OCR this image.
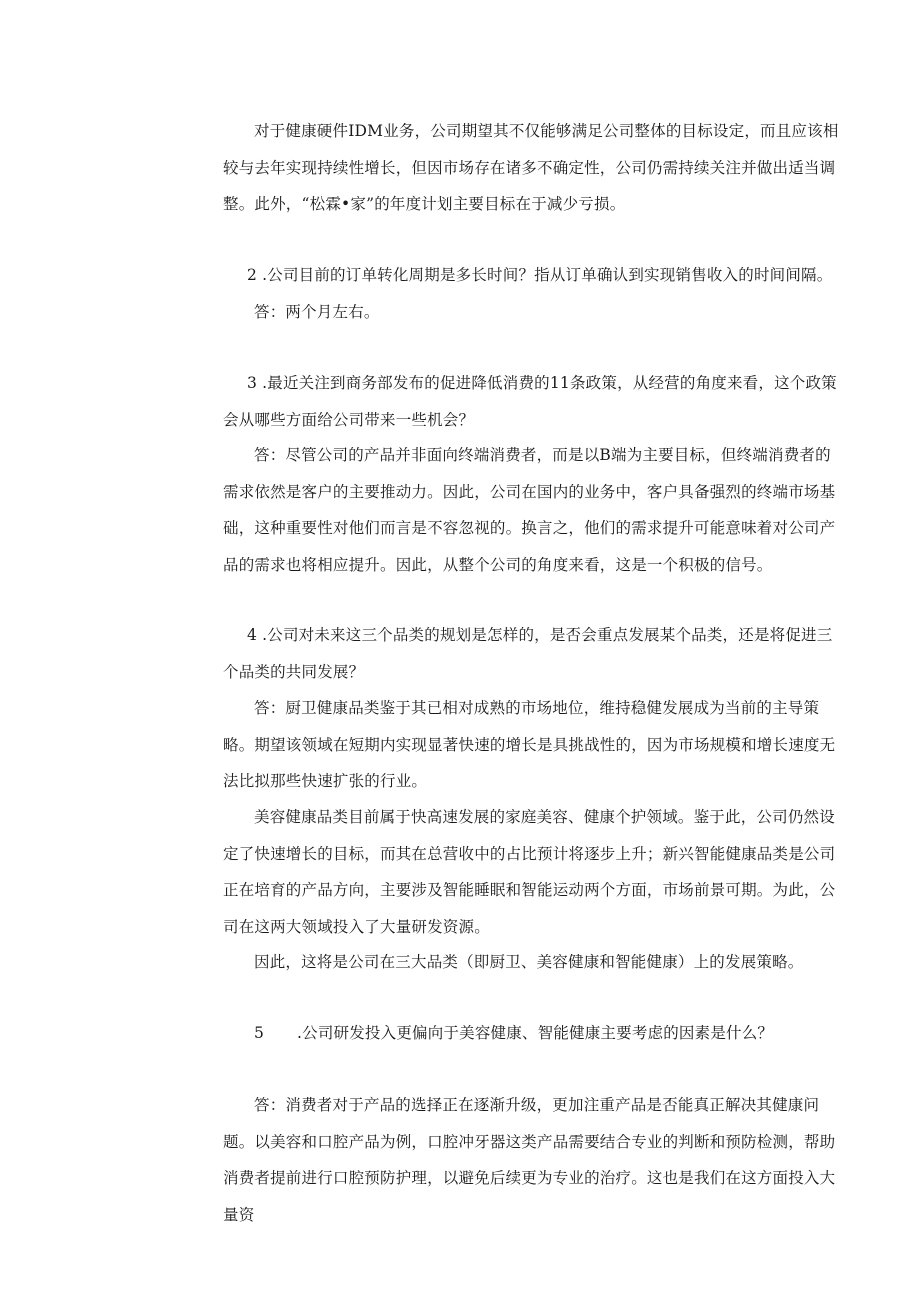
对于健康硬件IDM业务，公司期望其不仅能够满足公司整体的目标设定，而且应该相较与去年实现持续性增长，但因市场存在诸多不确定性，公司仍需持续关注并做出适当调整。此外，“松霖•家”的年度计划主要目标在于减少亏损。

2 .公司目前的订单转化周期是多长时间？指从订单确认到实现销售收入的时间间隔。

答：两个月左右。

3 .最近关注到商务部发布的促进降低消费的11条政策，从经营的角度来看，这个政策会从哪些方面给公司带来一些机会？

答：尽管公司的产品并非面向终端消费者，而是以B端为主要目标，但终端消费者的需求依然是客户的主要推动力。因此，公司在国内的业务中，客户具备强烈的终端市场基础，这种重要性对他们而言是不容忽视的。换言之，他们的需求提升可能意味着对公司产品的需求也将相应提升。因此，从整个公司的角度来看，这是一个积极的信号。

4 .公司对未来这三个品类的规划是怎样的，是否会重点发展某个品类，还是将促进三个品类的共同发展？

答：厨卫健康品类鉴于其已相对成熟的市场地位，维持稳健发展成为当前的主导策略。期望该领域在短期内实现显著快速的增长是具挑战性的，因为市场规模和增长速度无法比拟那些快速扩张的行业。

美容健康品类目前属于快高速发展的家庭美容、健康个护领域。鉴于此，公司仍然设定了快速增长的目标，而其在总营收中的占比预计将逐步上升；新兴智能健康品类是公司正在培育的产品方向，主要涉及智能睡眠和智能运动两个方面，市场前景可期。为此，公司在这两大领域投入了大量研发资源。

因此，这将是公司在三大品类（即厨卫、美容健康和智能健康）上的发展策略。

5 .公司研发投入更偏向于美容健康、智能健康主要考虑的因素是什么？

答：消费者对于产品的选择正在逐渐升级，更加注重产品是否能真正解决其健康问题。以美容和口腔产品为例，口腔冲牙器这类产品需要结合专业的判断和预防检测，帮助消费者提前进行口腔预防护理，以避免后续更为专业的治疗。这也是我们在这方面投入大量资
